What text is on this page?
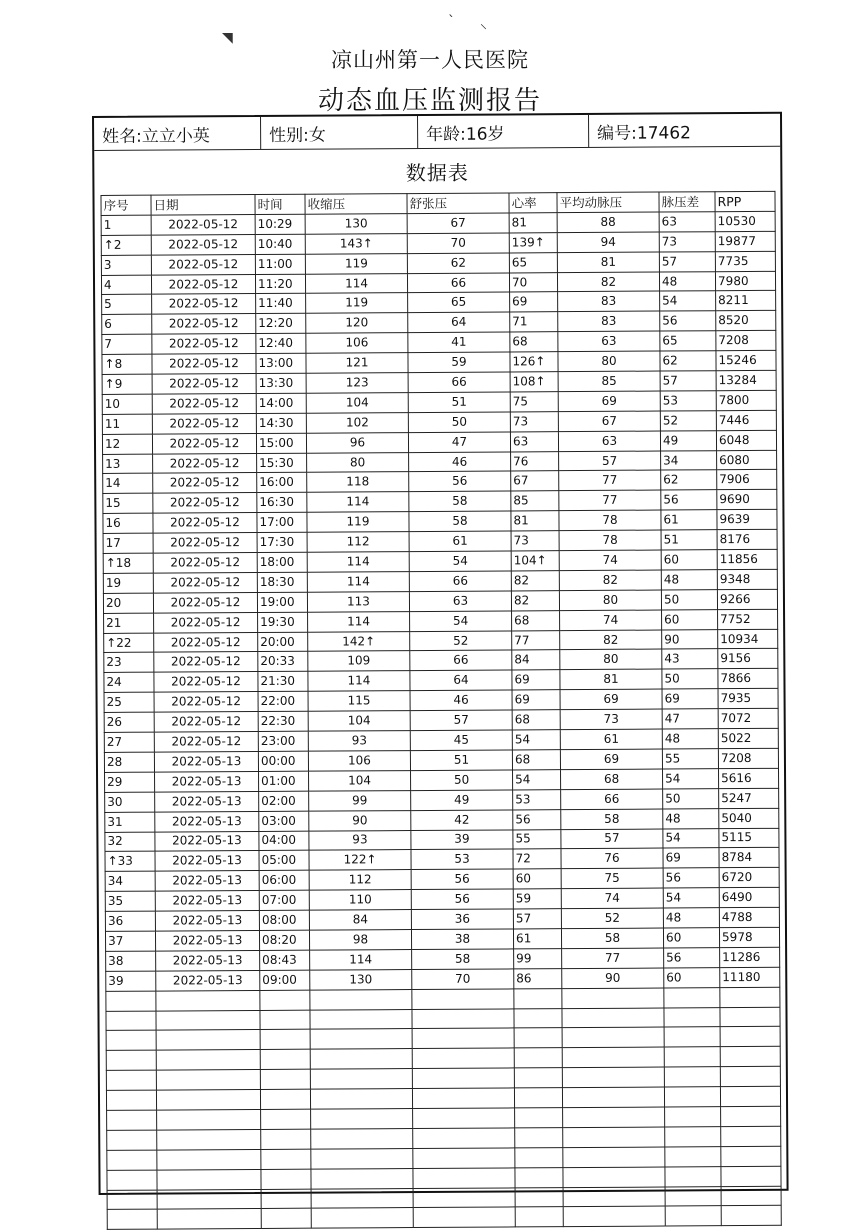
凉山州第一人民医院
动态血压监测报告
◥
` ⸌
姓名:立立小英	性别:女	年龄:16岁	编号:17462
数据表
序号	日期	时间	收缩压	舒张压	心率	平均动脉压	脉压差	RPP
1	2022-05-12	10:29	130	67	81	88	63	10530
↑2	2022-05-12	10:40	143↑	70	139↑	94	73	19877
3	2022-05-12	11:00	119	62	65	81	57	7735
4	2022-05-12	11:20	114	66	70	82	48	7980
5	2022-05-12	11:40	119	65	69	83	54	8211
6	2022-05-12	12:20	120	64	71	83	56	8520
7	2022-05-12	12:40	106	41	68	63	65	7208
↑8	2022-05-12	13:00	121	59	126↑	80	62	15246
↑9	2022-05-12	13:30	123	66	108↑	85	57	13284
10	2022-05-12	14:00	104	51	75	69	53	7800
11	2022-05-12	14:30	102	50	73	67	52	7446
12	2022-05-12	15:00	96	47	63	63	49	6048
13	2022-05-12	15:30	80	46	76	57	34	6080
14	2022-05-12	16:00	118	56	67	77	62	7906
15	2022-05-12	16:30	114	58	85	77	56	9690
16	2022-05-12	17:00	119	58	81	78	61	9639
17	2022-05-12	17:30	112	61	73	78	51	8176
↑18	2022-05-12	18:00	114	54	104↑	74	60	11856
19	2022-05-12	18:30	114	66	82	82	48	9348
20	2022-05-12	19:00	113	63	82	80	50	9266
21	2022-05-12	19:30	114	54	68	74	60	7752
↑22	2022-05-12	20:00	142↑	52	77	82	90	10934
23	2022-05-12	20:33	109	66	84	80	43	9156
24	2022-05-12	21:30	114	64	69	81	50	7866
25	2022-05-12	22:00	115	46	69	69	69	7935
26	2022-05-12	22:30	104	57	68	73	47	7072
27	2022-05-12	23:00	93	45	54	61	48	5022
28	2022-05-13	00:00	106	51	68	69	55	7208
29	2022-05-13	01:00	104	50	54	68	54	5616
30	2022-05-13	02:00	99	49	53	66	50	5247
31	2022-05-13	03:00	90	42	56	58	48	5040
32	2022-05-13	04:00	93	39	55	57	54	5115
↑33	2022-05-13	05:00	122↑	53	72	76	69	8784
34	2022-05-13	06:00	112	56	60	75	56	6720
35	2022-05-13	07:00	110	56	59	74	54	6490
36	2022-05-13	08:00	84	36	57	52	48	4788
37	2022-05-13	08:20	98	38	61	58	60	5978
38	2022-05-13	08:43	114	58	99	77	56	11286
39	2022-05-13	09:00	130	70	86	90	60	11180
